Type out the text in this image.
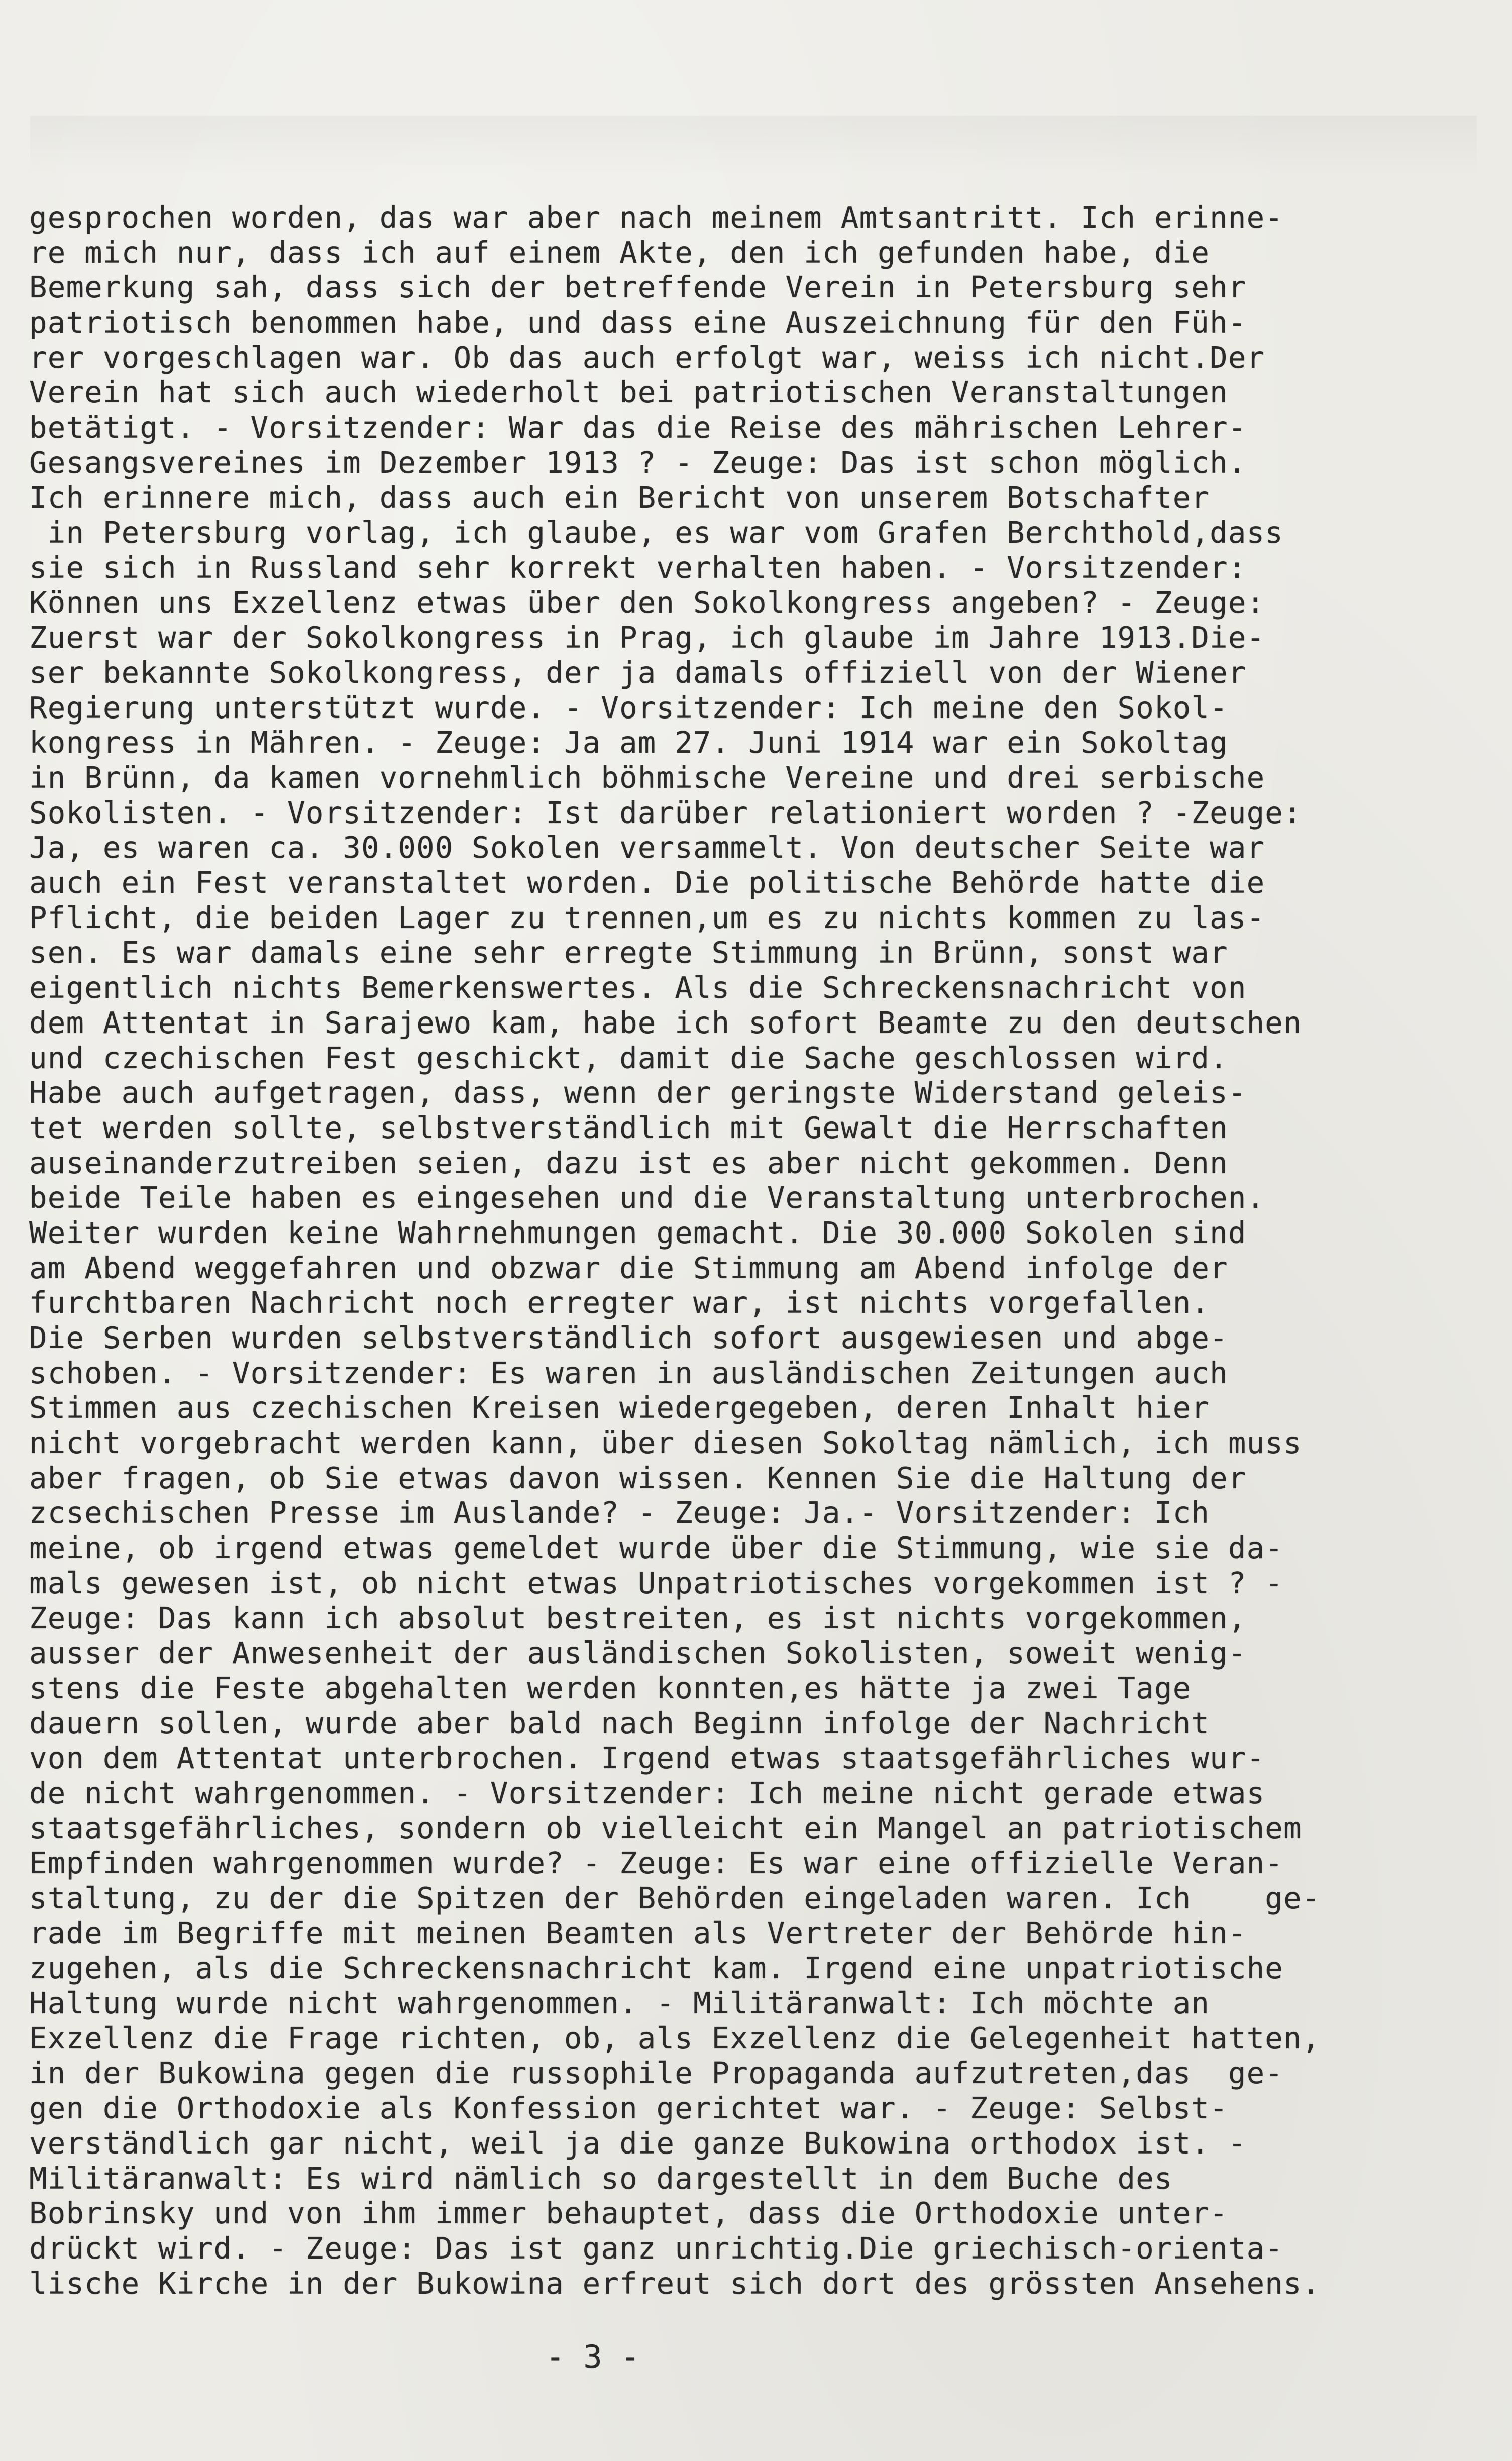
gesprochen worden, das war aber nach meinem Amtsantritt. Ich erinne-
re mich nur, dass ich auf einem Akte, den ich gefunden habe, die
Bemerkung sah, dass sich der betreffende Verein in Petersburg sehr
patriotisch benommen habe, und dass eine Auszeichnung für den Füh-
rer vorgeschlagen war. Ob das auch erfolgt war, weiss ich nicht.Der
Verein hat sich auch wiederholt bei patriotischen Veranstaltungen
betätigt. - Vorsitzender: War das die Reise des mährischen Lehrer-
Gesangsvereines im Dezember 1913 ? - Zeuge: Das ist schon möglich.
Ich erinnere mich, dass auch ein Bericht von unserem Botschafter
in Petersburg vorlag, ich glaube, es war vom Grafen Berchthold,dass
sie sich in Russland sehr korrekt verhalten haben. - Vorsitzender:
Können uns Exzellenz etwas über den Sokolkongress angeben? - Zeuge:
Zuerst war der Sokolkongress in Prag, ich glaube im Jahre 1913.Die-
ser bekannte Sokolkongress, der ja damals offiziell von der Wiener
Regierung unterstützt wurde. - Vorsitzender: Ich meine den Sokol-
kongress in Mähren. - Zeuge: Ja am 27. Juni 1914 war ein Sokoltag
in Brünn, da kamen vornehmlich böhmische Vereine und drei serbische
Sokolisten. - Vorsitzender: Ist darüber relationiert worden ? -Zeuge:
Ja, es waren ca. 30.000 Sokolen versammelt. Von deutscher Seite war
auch ein Fest veranstaltet worden. Die politische Behörde hatte die
Pflicht, die beiden Lager zu trennen,um es zu nichts kommen zu las-
sen. Es war damals eine sehr erregte Stimmung in Brünn, sonst war
eigentlich nichts Bemerkenswertes. Als die Schreckensnachricht von
dem Attentat in Sarajewo kam, habe ich sofort Beamte zu den deutschen
und czechischen Fest geschickt, damit die Sache geschlossen wird.
Habe auch aufgetragen, dass, wenn der geringste Widerstand geleis-
tet werden sollte, selbstverständlich mit Gewalt die Herrschaften
auseinanderzutreiben seien, dazu ist es aber nicht gekommen. Denn
beide Teile haben es eingesehen und die Veranstaltung unterbrochen.
Weiter wurden keine Wahrnehmungen gemacht. Die 30.000 Sokolen sind
am Abend weggefahren und obzwar die Stimmung am Abend infolge der
furchtbaren Nachricht noch erregter war, ist nichts vorgefallen.
Die Serben wurden selbstverständlich sofort ausgewiesen und abge-
schoben. - Vorsitzender: Es waren in ausländischen Zeitungen auch
Stimmen aus czechischen Kreisen wiedergegeben, deren Inhalt hier
nicht vorgebracht werden kann, über diesen Sokoltag nämlich, ich muss
aber fragen, ob Sie etwas davon wissen. Kennen Sie die Haltung der
zcsechischen Presse im Auslande? - Zeuge: Ja.- Vorsitzender: Ich
meine, ob irgend etwas gemeldet wurde über die Stimmung, wie sie da-
mals gewesen ist, ob nicht etwas Unpatriotisches vorgekommen ist ? -
Zeuge: Das kann ich absolut bestreiten, es ist nichts vorgekommen,
ausser der Anwesenheit der ausländischen Sokolisten, soweit wenig-
stens die Feste abgehalten werden konnten,es hätte ja zwei Tage
dauern sollen, wurde aber bald nach Beginn infolge der Nachricht
von dem Attentat unterbrochen. Irgend etwas staatsgefährliches wur-
de nicht wahrgenommen. - Vorsitzender: Ich meine nicht gerade etwas
staatsgefährliches, sondern ob vielleicht ein Mangel an patriotischem
Empfinden wahrgenommen wurde? - Zeuge: Es war eine offizielle Veran-
staltung, zu der die Spitzen der Behörden eingeladen waren. Ich    ge-
rade im Begriffe mit meinen Beamten als Vertreter der Behörde hin-
zugehen, als die Schreckensnachricht kam. Irgend eine unpatriotische
Haltung wurde nicht wahrgenommen. - Militäranwalt: Ich möchte an
Exzellenz die Frage richten, ob, als Exzellenz die Gelegenheit hatten,
in der Bukowina gegen die russophile Propaganda aufzutreten,das  ge-
gen die Orthodoxie als Konfession gerichtet war. - Zeuge: Selbst-
verständlich gar nicht, weil ja die ganze Bukowina orthodox ist. -
Militäranwalt: Es wird nämlich so dargestellt in dem Buche des
Bobrinsky und von ihm immer behauptet, dass die Orthodoxie unter-
drückt wird. - Zeuge: Das ist ganz unrichtig.Die griechisch-orienta-
lische Kirche in der Bukowina erfreut sich dort des grössten Ansehens.
- 3 -
